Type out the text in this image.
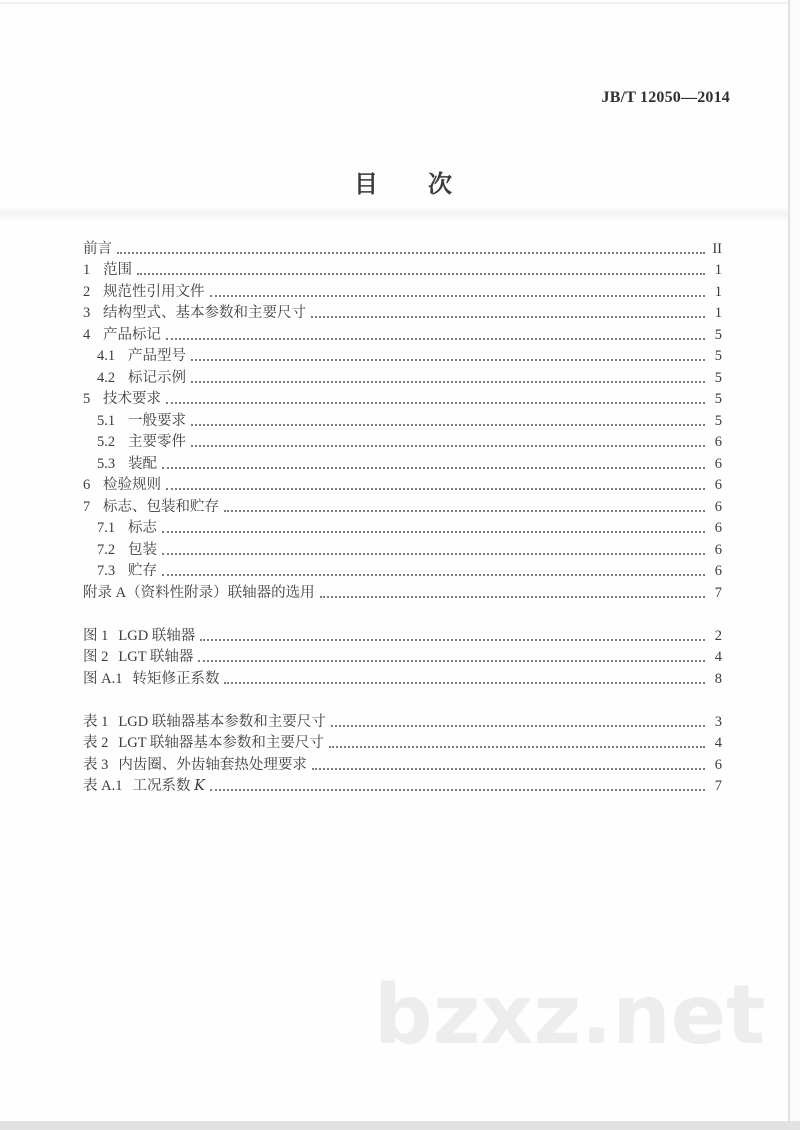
JB/T 12050—2014
目次
前言	II
1 范围	1
2 规范性引用文件	1
3 结构型式、基本参数和主要尺寸	1
4 产品标记	5
4.1 产品型号	5
4.2 标记示例	5
5 技术要求	5
5.1 一般要求	5
5.2 主要零件	6
5.3 装配	6
6 检验规则	6
7 标志、包装和贮存	6
7.1 标志	6
7.2 包装	6
7.3 贮存	6
附录 A（资料性附录）联轴器的选用	7
图 1 LGD 联轴器	2
图 2 LGT 联轴器	4
图 A.1 转矩修正系数	8
表 1 LGD 联轴器基本参数和主要尺寸	3
表 2 LGT 联轴器基本参数和主要尺寸	4
表 3 内齿圈、外齿轴套热处理要求	6
表 A.1 工况系数 K	7
bzxz.net
